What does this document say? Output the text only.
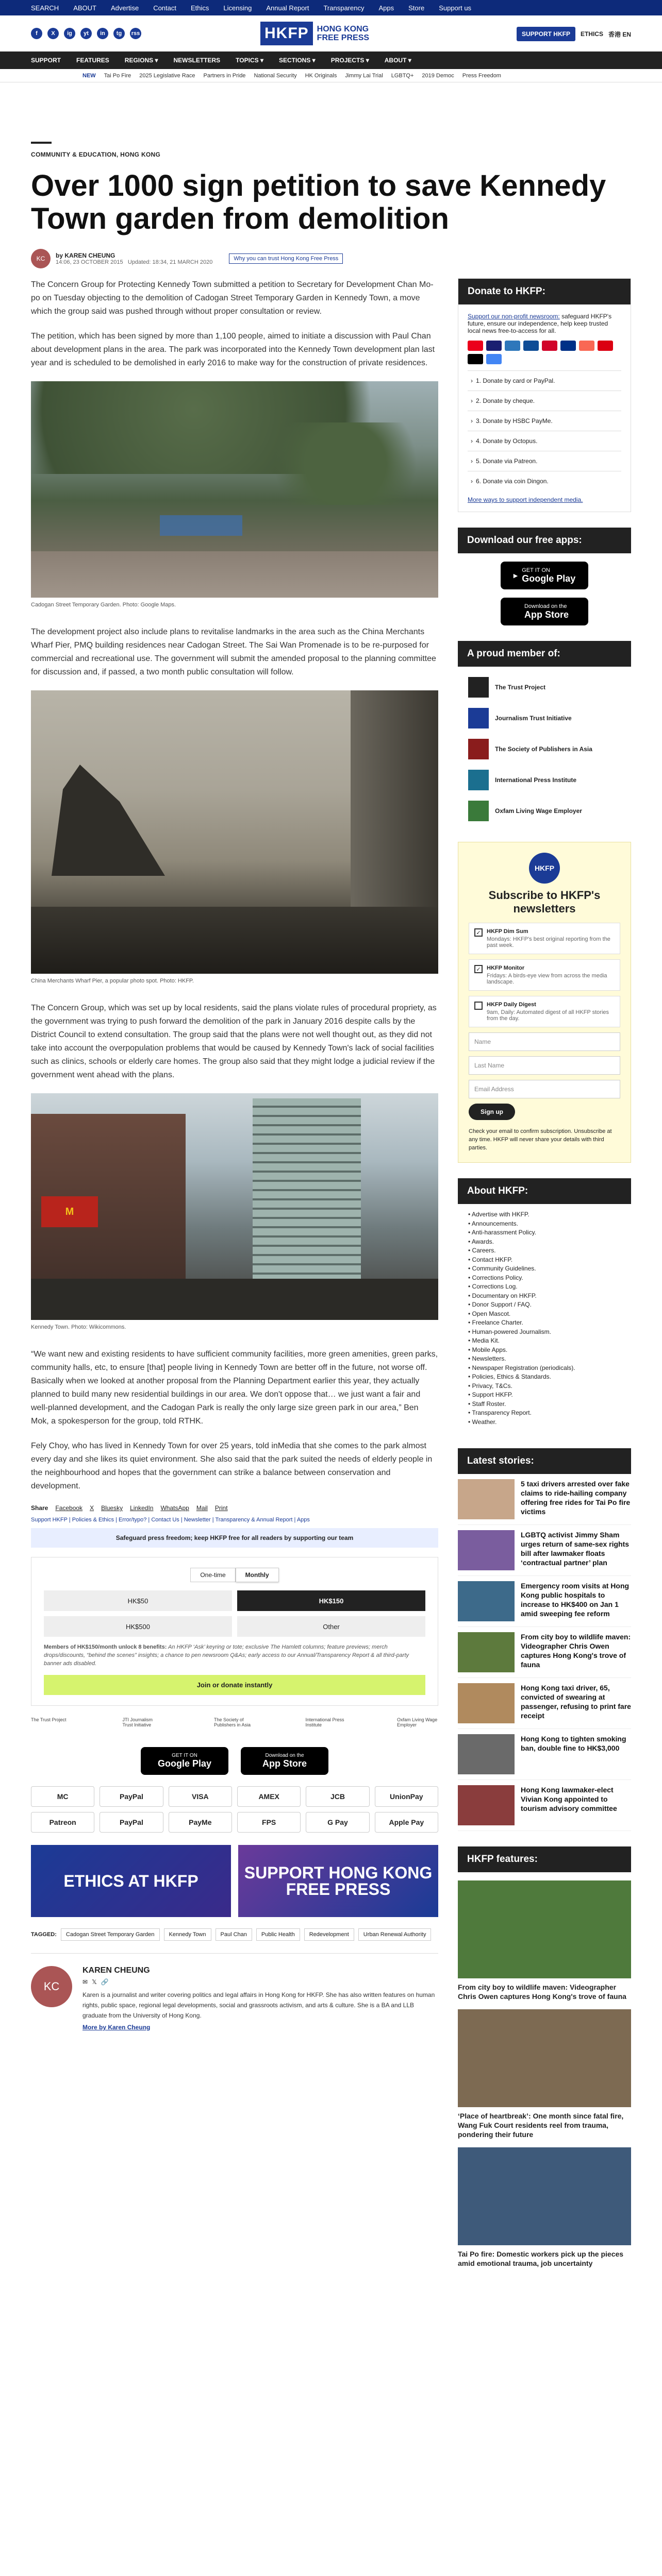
SEARCH ABOUT Advertise Contact Ethics Licensing Annual Report Transparency Apps Store Support us
f	X	ig	yt	in	tg	rss	HKFP	HONG KONG
FREE PRESS	SUPPORT HKFP	ETHICS 香港 EN
SUPPORT	FEATURES	REGIONS ▾	NEWSLETTERS	TOPICS ▾	SECTIONS ▾	PROJECTS ▾	ABOUT ▾
NEW Tai Po Fire 2025 Legislative Race Partners in Pride National Security HK Originals Jimmy Lai Trial LGBTQ+ 2019 Democ Press Freedom
COMMUNITY & EDUCATION, HONG KONG
Over 1000 sign petition to save Kennedy Town garden from demolition
KC	by KAREN CHEUNG
14:06, 23 OCTOBER 2015 Updated: 18:34, 21 MARCH 2020
Why you can trust Hong Kong Free Press

The Concern Group for Protecting Kennedy Town submitted a petition to Secretary for Development Chan Mo-po on Tuesday objecting to the demolition of Cadogan Street Temporary Garden in Kennedy Town, a move which the group said was pushed through without proper consultation or review.

The petition, which has been signed by more than 1,100 people, aimed to initiate a discussion with Paul Chan about development plans in the area. The park was incorporated into the Kennedy Town development plan last year and is scheduled to be demolished in early 2016 to make way for the construction of private residences.

Cadogan Street Temporary Garden. Photo: Google Maps.

The development project also include plans to revitalise landmarks in the area such as the China Merchants Wharf Pier, PMQ building residences near Cadogan Street. The Sai Wan Promenade is to be re-purposed for commercial and recreational use. The government will submit the amended proposal to the planning committee for discussion and, if passed, a two month public consultation will follow.

China Merchants Wharf Pier, a popular photo spot. Photo: HKFP.

The Concern Group, which was set up by local residents, said the plans violate rules of procedural propriety, as the government was trying to push forward the demolition of the park in January 2016 despite calls by the District Council to extend consultation. The group said that the plans were not well thought out, as they did not take into account the overpopulation problems that would be caused by Kennedy Town's lack of social facilities such as clinics, schools or elderly care homes. The group also said that they might lodge a judicial review if the government went ahead with the plans.

M
Kennedy Town. Photo: Wikicommons.

“We want new and existing residents to have sufficient community facilities, more green amenities, green parks, community halls, etc, to ensure [that] people living in Kennedy Town are better off in the future, not worse off. Basically when we looked at another proposal from the Planning Department earlier this year, they actually planned to build many new residential buildings in our area. We don't oppose that… we just want a fair and well-planned development, and the Cadogan Park is really the only large size green park in our area,” Ben Mok, a spokesperson for the group, told RTHK.

Fely Choy, who has lived in Kennedy Town for over 25 years, told inMedia that she comes to the park almost every day and she likes its quiet environment. She also said that the park suited the needs of elderly people in the neighbourhood and hopes that the government can strike a balance between conservation and development.

Share Facebook X Bluesky LinkedIn WhatsApp Mail Print
Support HKFP | Policies & Ethics | Error/typo? | Contact Us | Newsletter | Transparency & Annual Report | Apps
Safeguard press freedom; keep HKFP free for all readers by supporting our team
One-time	Monthly
HK$50	HK$150
HK$500	Other
Members of HK$150/month unlock 8 benefits: An HKFP ‘Ask’ keyring or tote; exclusive The Hamlett columns; feature previews; merch drops/discounts, “behind the scenes” insights; a chance to pen newsroom Q&As; early access to our Annual/Transparency Report & all third-party banner ads disabled.
Join or donate instantly
The Trust Project	JTI Journalism Trust Initiative
The Society of Publishers in Asia
International Press Institute
Oxfam Living Wage Employer
GET IT ON
Google Play
Download on the
App Store
MC	PayPal	VISA	AMEX	JCB	UnionPay
Patreon	PayPal	PayMe	FPS	G Pay	Apple Pay
ETHICS AT HKFP	SUPPORT HONG KONG FREE PRESS
TAGGED:	Cadogan Street Temporary Garden	Kennedy Town	Paul Chan	Public Health	Redevelopment	Urban Renewal Authority
KC
KAREN CHEUNG
✉ 𝕏 🔗

Karen is a journalist and writer covering politics and legal affairs in Hong Kong for HKFP. She has also written features on human rights, public space, regional legal developments, social and grassroots activism, and arts & culture. She is a BA and LLB graduate from the University of Hong Kong.

More by Karen Cheung
Donate to HKFP:
Support our non-profit newsroom: safeguard HKFP's future, ensure our independence, help keep trusted local news free-to-access for all.
› 1. Donate by card or PayPal.
› 2. Donate by cheque.
› 3. Donate by HSBC PayMe.
› 4. Donate by Octopus.
› 5. Donate via Patreon.
› 6. Donate via coin Dingon.
More ways to support independent media.
Download our free apps:
▶
GET IT ON
Google Play
Download on the
App Store
A proud member of:
The Trust Project
Journalism Trust Initiative
The Society of Publishers in Asia
International Press Institute
Oxfam Living Wage Employer
HKFP
Subscribe to HKFP's newsletters
✓	HKFP Dim Sum
Mondays: HKFP's best original reporting from the past week.
✓	HKFP Monitor
Fridays: A birds-eye view from across the media landscape.
HKFP Daily Digest
9am, Daily: Automated digest of all HKFP stories from the day.
Name
Last Name
Email Address
Sign up
Check your email to confirm subscription. Unsubscribe at any time. HKFP will never share your details with third parties.
About HKFP:
• Advertise with HKFP.
• Announcements.
• Anti-harassment Policy.
• Awards.
• Careers.
• Contact HKFP.
• Community Guidelines.
• Corrections Policy.
• Corrections Log.
• Documentary on HKFP.
• Donor Support / FAQ.
• Open Mascot.
• Freelance Charter.
• Human-powered Journalism.
• Media Kit.
• Mobile Apps.
• Newsletters.
• Newspaper Registration (periodicals).
• Policies, Ethics & Standards.
• Privacy, T&Cs.
• Support HKFP.
• Staff Roster.
• Transparency Report.
• Weather.
Latest stories:
5 taxi drivers arrested over fake claims to ride-hailing company offering free rides for Tai Po fire victims
LGBTQ activist Jimmy Sham urges return of same-sex rights bill after lawmaker floats ‘contractual partner’ plan
Emergency room visits at Hong Kong public hospitals to increase to HK$400 on Jan 1 amid sweeping fee reform
From city boy to wildlife maven: Videographer Chris Owen captures Hong Kong's trove of fauna
Hong Kong taxi driver, 65, convicted of swearing at passenger, refusing to print fare receipt
Hong Kong to tighten smoking ban, double fine to HK$3,000
Hong Kong lawmaker-elect Vivian Kong appointed to tourism advisory committee
HKFP features:
From city boy to wildlife maven: Videographer Chris Owen captures Hong Kong's trove of fauna
‘Place of heartbreak’: One month since fatal fire, Wang Fuk Court residents reel from trauma, pondering their future
Tai Po fire: Domestic workers pick up the pieces amid emotional trauma, job uncertainty
